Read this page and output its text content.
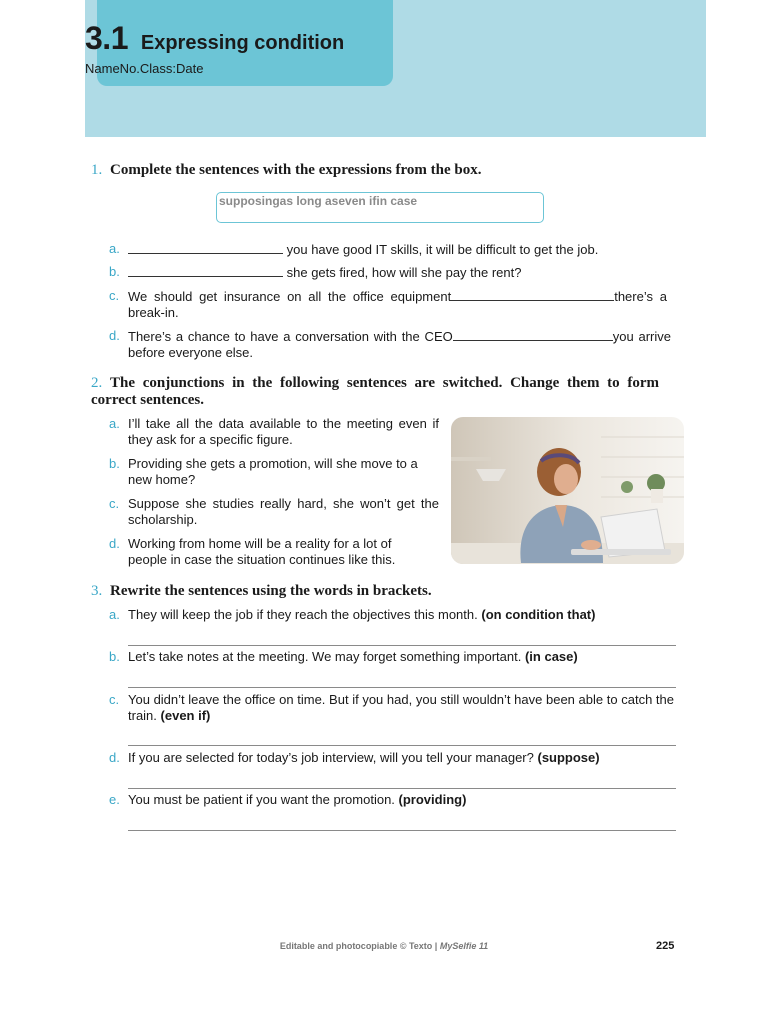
3.1 Expressing condition
NameNo.Class:Date
1. Complete the sentences with the expressions from the box.
supposingas long aseven ifin case
a.	you have good IT skills, it will be difficult to get the job.
b.	she gets fired, how will she pay the rent?
c. We should get insurance on all the office equipment	there’s a break-in.
d. There’s a chance to have a conversation with the CEO	you arrive before everyone else.
2. The conjunctions in the following sentences are switched. Change them to form correct sentences.
a. I’ll take all the data available to the meeting even if they ask for a specific figure.
b. Providing she gets a promotion, will she move to a new home?
c. Suppose she studies really hard, she won’t get the scholarship.
d. Working from home will be a reality for a lot of people in case the situation continues like this.
3. Rewrite the sentences using the words in brackets.
a. They will keep the job if they reach the objectives this month. (on condition that)
b. Let’s take notes at the meeting. We may forget something important. (in case)
c. You didn’t leave the office on time. But if you had, you still wouldn’t have been able to catch the train. (even if)
d. If you are selected for today’s job interview, will you tell your manager? (suppose)
e. You must be patient if you want the promotion. (providing)
Editable and photocopiable © Texto | MySelfie 11	225
